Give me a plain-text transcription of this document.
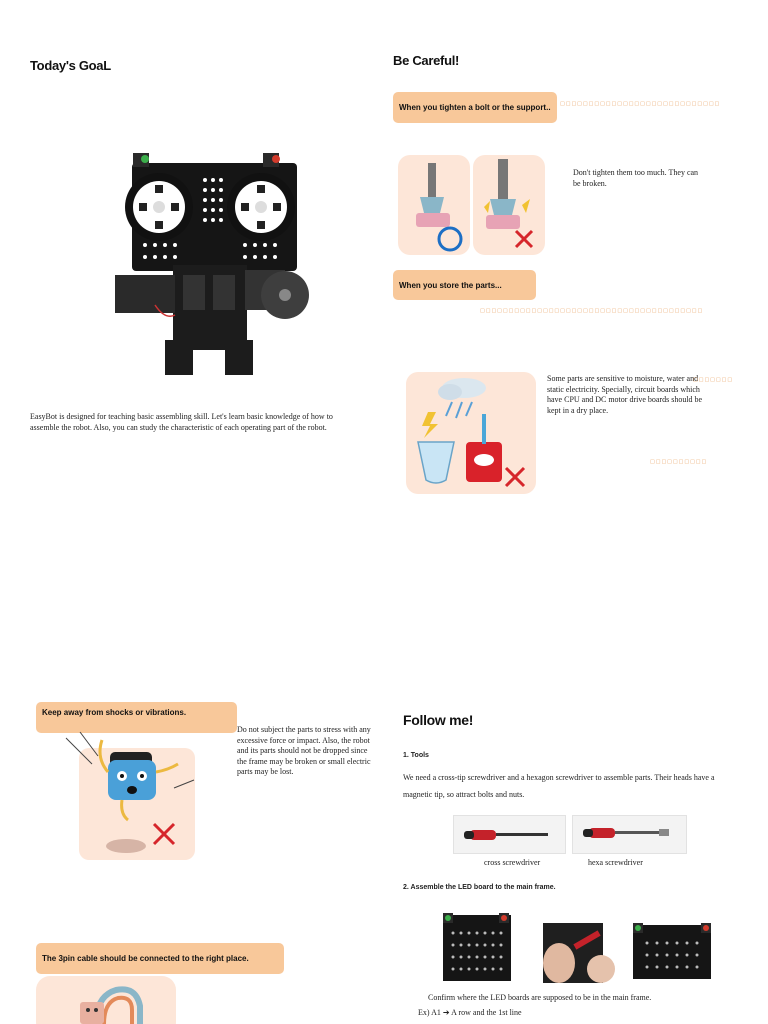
Today's GoaL
EasyBot is designed for teaching basic assembling skill. Let's learn basic knowledge of how to assemble the robot. Also, you can study the characteristic of each operating part of the robot.
Be Careful!
When you tighten a bolt or the support..	□□□□□□□□□□□□□□□□□□□□□□□□□□□□
Don't tighten them too much. They can be broken.
When you store the parts...
□□□□□□□□□□□□□□□□□□□□□□□□□□□□□□□□□□□□□□□
Some parts are sensitive to moisture, water and static electricity. Specially, circuit boards which have CPU and DC motor drive boards should be kept in a dry place.
□□□□□□□
□□□□□□□□□□
Keep away from shocks or vibrations.
Do not subject the parts to stress with any excessive force or impact. Also, the robot and its parts should not be dropped since the frame may be broken or small electric parts may be lost.
The 3pin cable should be connected to the right place.
Follow me!
1. Tools
We need a cross-tip screwdriver and a hexagon screwdriver to assemble parts. Their heads have a magnetic tip, so attract bolts and nuts.
cross screwdriver	hexa screwdriver
2. Assemble the LED board to the main frame.
Confirm where the LED boards are supposed to be in the main frame.
Ex) A1 ➔ A row and the 1st line
